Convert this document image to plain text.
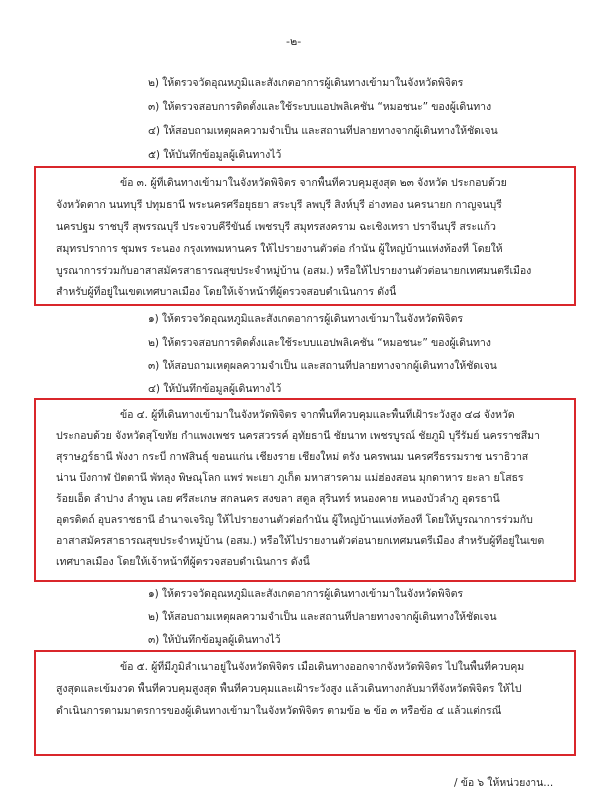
-๒-
๒) ให้ตรวจวัดอุณหภูมิและสังเกตอาการผู้เดินทางเข้ามาในจังหวัดพิจิตร
๓) ให้ตรวจสอบการติดตั้งและใช้ระบบแอปพลิเคชัน “หมอชนะ” ของผู้เดินทาง
๔) ให้สอบถามเหตุผลความจำเป็น และสถานที่ปลายทางจากผู้เดินทางให้ชัดเจน
๕) ให้บันทึกข้อมูลผู้เดินทางไว้
ข้อ ๓. ผู้ที่เดินทางเข้ามาในจังหวัดพิจิตร จากพื้นที่ควบคุมสูงสุด ๒๓ จังหวัด ประกอบด้วย
จังหวัดตาก นนทบุรี ปทุมธานี พระนครศรีอยุธยา สระบุรี ลพบุรี สิงห์บุรี อ่างทอง นครนายก กาญจนบุรี
นครปฐม ราชบุรี สุพรรณบุรี ประจวบคีรีขันธ์ เพชรบุรี สมุทรสงคราม ฉะเชิงเทรา ปราจีนบุรี สระแก้ว
สมุทรปราการ ชุมพร ระนอง กรุงเทพมหานคร ให้ไปรายงานตัวต่อ กำนัน ผู้ใหญ่บ้านแห่งท้องที่ โดยให้
บูรณาการร่วมกับอาสาสมัครสาธารณสุขประจำหมู่บ้าน (อสม.) หรือให้ไปรายงานตัวต่อนายกเทศมนตรีเมือง
สำหรับผู้ที่อยู่ในเขตเทศบาลเมือง โดยให้เจ้าหน้าที่ผู้ตรวจสอบดำเนินการ ดังนี้
๑) ให้ตรวจวัดอุณหภูมิและสังเกตอาการผู้เดินทางเข้ามาในจังหวัดพิจิตร
๒) ให้ตรวจสอบการติดตั้งและใช้ระบบแอปพลิเคชัน “หมอชนะ” ของผู้เดินทาง
๓) ให้สอบถามเหตุผลความจำเป็น และสถานที่ปลายทางจากผู้เดินทางให้ชัดเจน
๔) ให้บันทึกข้อมูลผู้เดินทางไว้
ข้อ ๔. ผู้ที่เดินทางเข้ามาในจังหวัดพิจิตร จากพื้นที่ควบคุมและพื้นที่เฝ้าระวังสูง ๔๘ จังหวัด
ประกอบด้วย จังหวัดสุโขทัย กำแพงเพชร นครสวรรค์ อุทัยธานี ชัยนาท เพชรบูรณ์ ชัยภูมิ บุรีรัมย์ นครราชสีมา
สุราษฎร์ธานี พังงา กระบี่ กาฬสินธุ์ ขอนแก่น เชียงราย เชียงใหม่ ตรัง นครพนม นครศรีธรรมราช นราธิวาส
น่าน บึงกาฬ ปัตตานี พัทลุง พิษณุโลก แพร่ พะเยา ภูเก็ต มหาสารคาม แม่ฮ่องสอน มุกดาหาร ยะลา ยโสธร
ร้อยเอ็ด ลำปาง ลำพูน เลย ศรีสะเกษ สกลนคร สงขลา สตูล สุรินทร์ หนองคาย หนองบัวลำภู อุดรธานี
อุตรดิตถ์ อุบลราชธานี อำนาจเจริญ ให้ไปรายงานตัวต่อกำนัน ผู้ใหญ่บ้านแห่งท้องที่ โดยให้บูรณาการร่วมกับ
อาสาสมัครสาธารณสุขประจำหมู่บ้าน (อสม.) หรือให้ไปรายงานตัวต่อนายกเทศมนตรีเมือง สำหรับผู้ที่อยู่ในเขต
เทศบาลเมือง โดยให้เจ้าหน้าที่ผู้ตรวจสอบดำเนินการ ดังนี้
๑) ให้ตรวจวัดอุณหภูมิและสังเกตอาการผู้เดินทางเข้ามาในจังหวัดพิจิตร
๒) ให้สอบถามเหตุผลความจำเป็น และสถานที่ปลายทางจากผู้เดินทางให้ชัดเจน
๓) ให้บันทึกข้อมูลผู้เดินทางไว้
ข้อ ๕. ผู้ที่มีภูมิลำเนาอยู่ในจังหวัดพิจิตร เมื่อเดินทางออกจากจังหวัดพิจิตร ไปในพื้นที่ควบคุม
สูงสุดและเข้มงวด พื้นที่ควบคุมสูงสุด พื้นที่ควบคุมและเฝ้าระวังสูง แล้วเดินทางกลับมาที่จังหวัดพิจิตร ให้ไป
ดำเนินการตามมาตรการของผู้เดินทางเข้ามาในจังหวัดพิจิตร ตามข้อ ๒ ข้อ ๓ หรือข้อ ๔ แล้วแต่กรณี
/ ข้อ ๖ ให้หน่วยงาน...
